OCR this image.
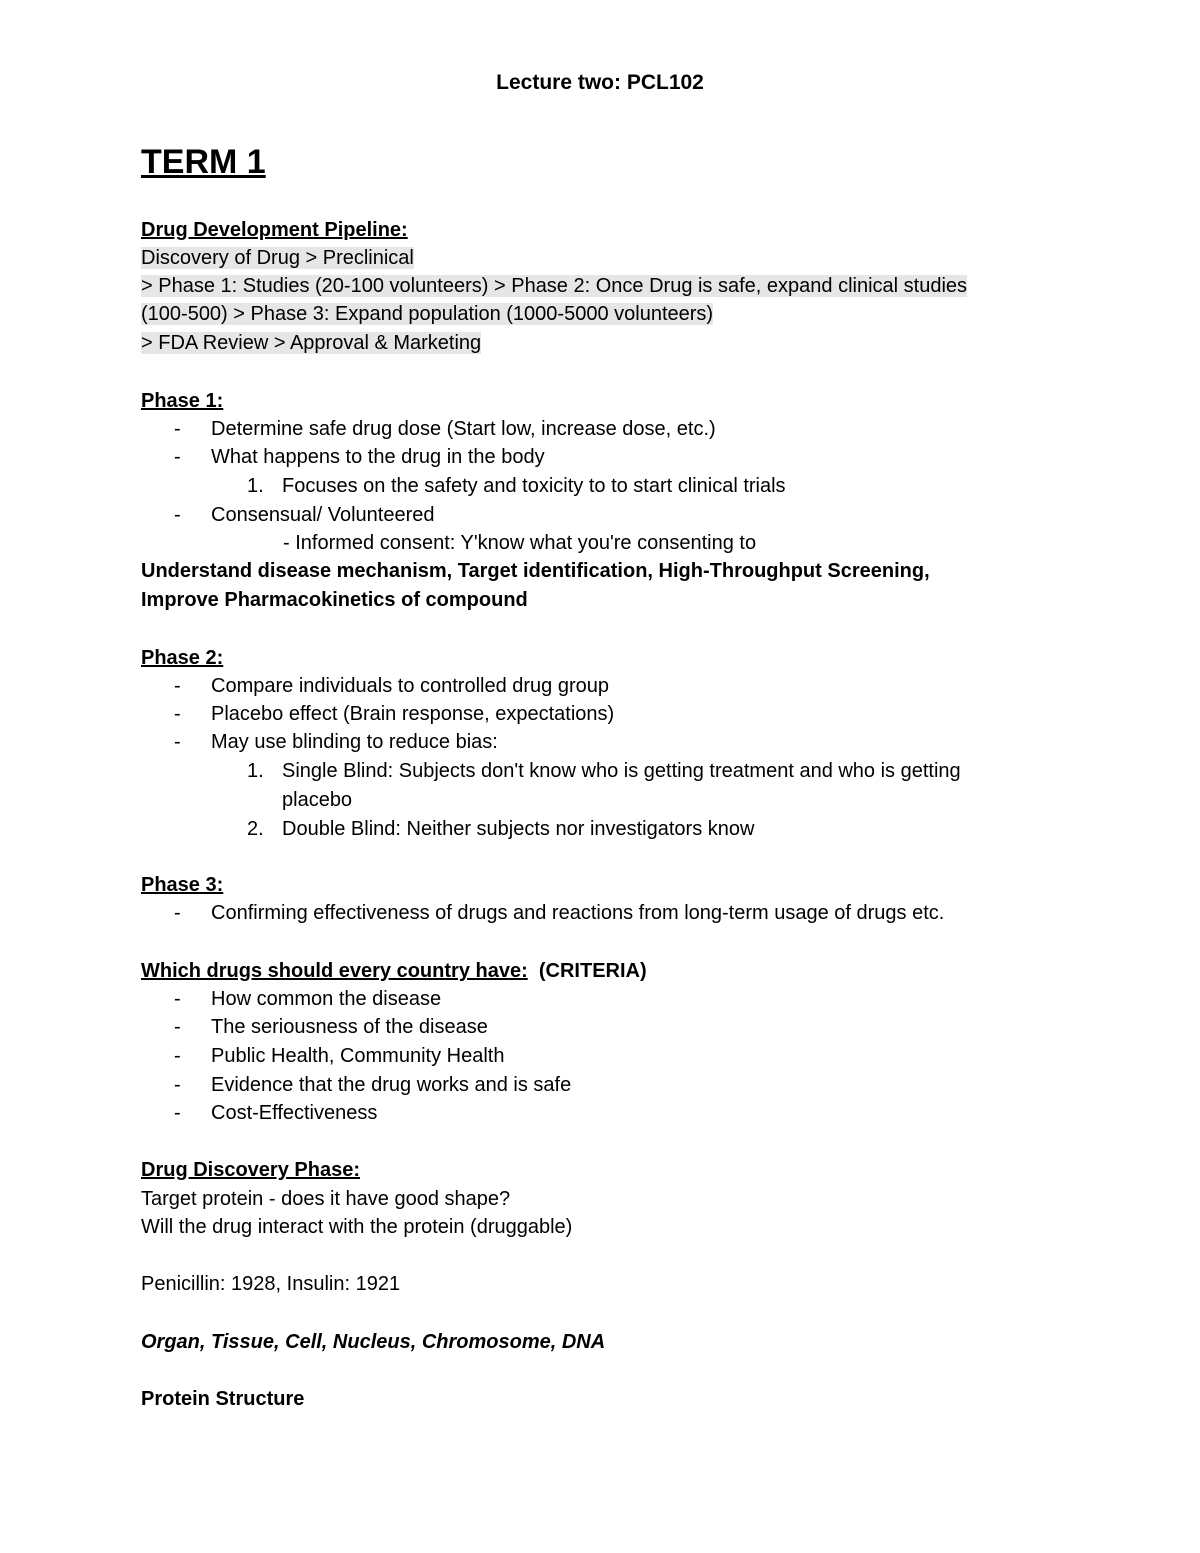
Lecture two: PCL102
TERM 1
Drug Development Pipeline:
Discovery of Drug > Preclinical
> Phase 1: Studies (20-100 volunteers) > Phase 2: Once Drug is safe, expand clinical studies
(100-500) > Phase 3: Expand population (1000-5000 volunteers)
> FDA Review > Approval & Marketing
Phase 1:
- Determine safe drug dose (Start low, increase dose, etc.)
- What happens to the drug in the body
1. Focuses on the safety and toxicity to to start clinical trials
- Consensual/ Volunteered
- Informed consent: Y'know what you're consenting to
Understand disease mechanism, Target identification, High-Throughput Screening,
Improve Pharmacokinetics of compound
Phase 2:
- Compare individuals to controlled drug group
- Placebo effect (Brain response, expectations)
- May use blinding to reduce bias:
1. Single Blind: Subjects don't know who is getting treatment and who is getting
placebo
2. Double Blind: Neither subjects nor investigators know
Phase 3:
- Confirming effectiveness of drugs and reactions from long-term usage of drugs etc.
Which drugs should every country have: (CRITERIA)
- How common the disease
- The seriousness of the disease
- Public Health, Community Health
- Evidence that the drug works and is safe
- Cost-Effectiveness
Drug Discovery Phase:
Target protein - does it have good shape?
Will the drug interact with the protein (druggable)
Penicillin: 1928, Insulin: 1921
Organ, Tissue, Cell, Nucleus, Chromosome, DNA
Protein Structure
